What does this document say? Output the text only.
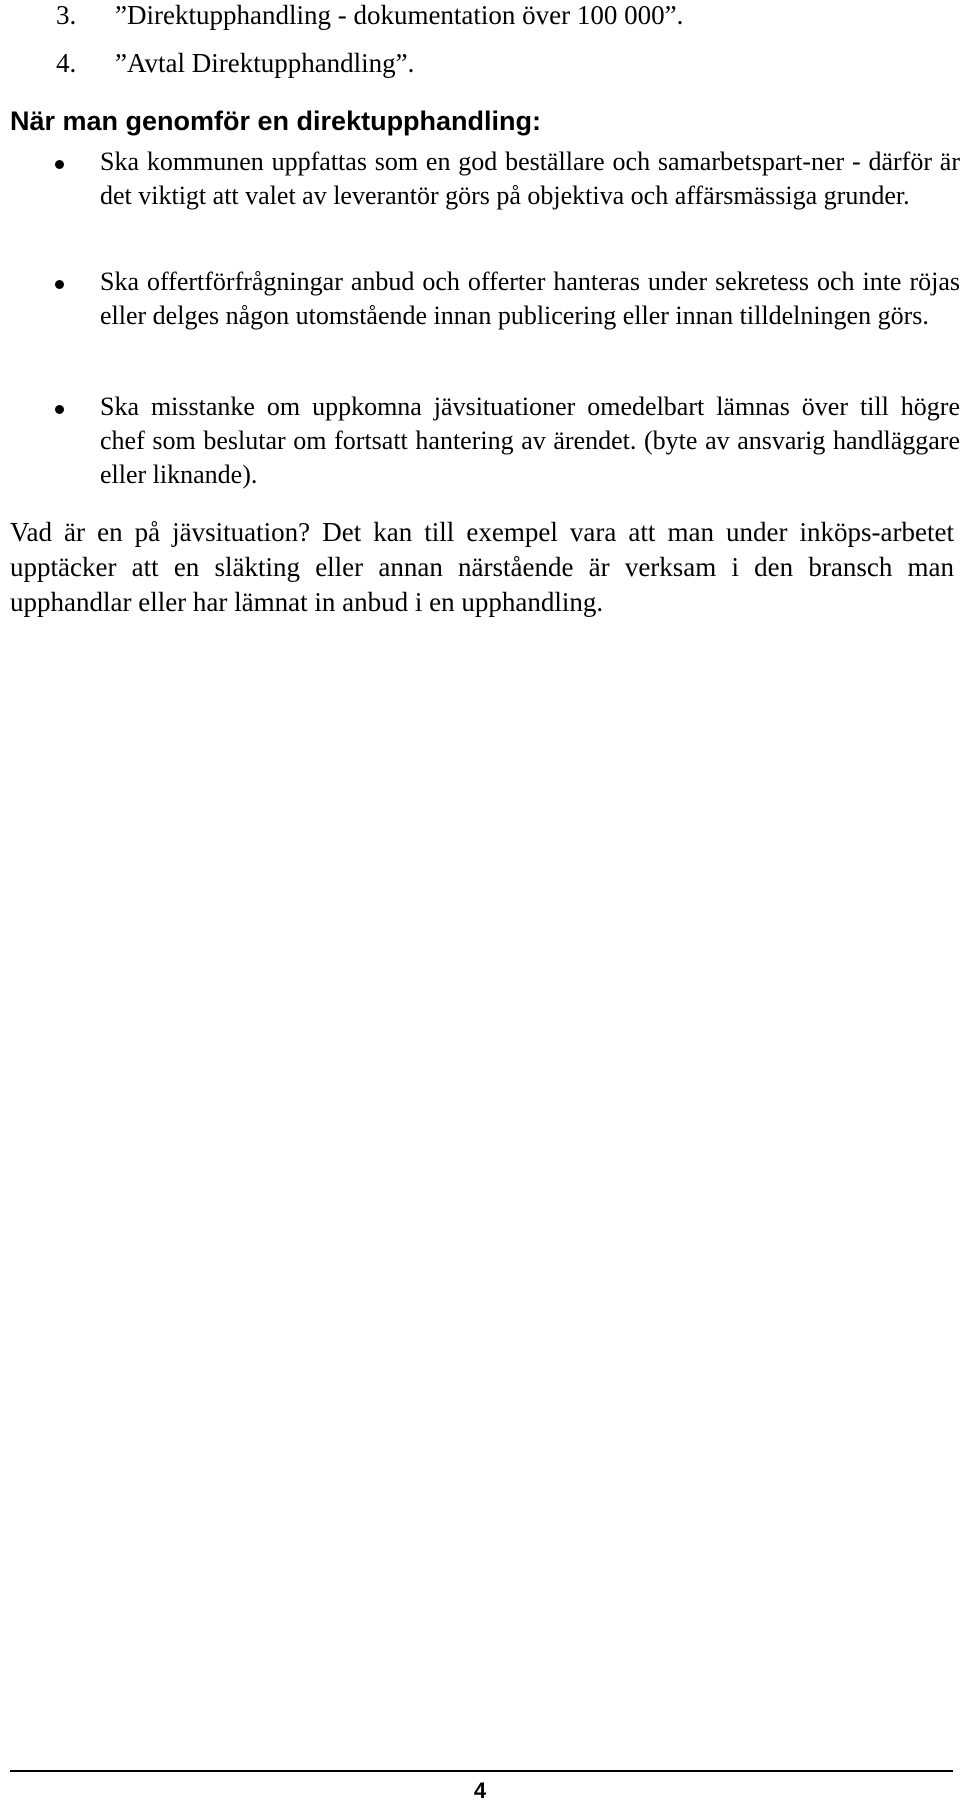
3. ”Direktupphandling - dokumentation över 100 000”.
4. ”Avtal Direktupphandling”.
När man genomför en direktupphandling:
Ska kommunen uppfattas som en god beställare och samarbetspart-ner - därför är det viktigt att valet av leverantör görs på objektiva och affärsmässiga grunder.
Ska offertförfrågningar anbud och offerter hanteras under sekretess och inte röjas eller delges någon utomstående innan publicering eller innan tilldelningen görs.
Ska misstanke om uppkomna jävsituationer omedelbart lämnas över till högre chef som beslutar om fortsatt hantering av ärendet. (byte av ansvarig handläggare eller liknande).
Vad är en på jävsituation? Det kan till exempel vara att man under inköps-arbetet upptäcker att en släkting eller annan närstående är verksam i den bransch man upphandlar eller har lämnat in anbud i en upphandling.
4
